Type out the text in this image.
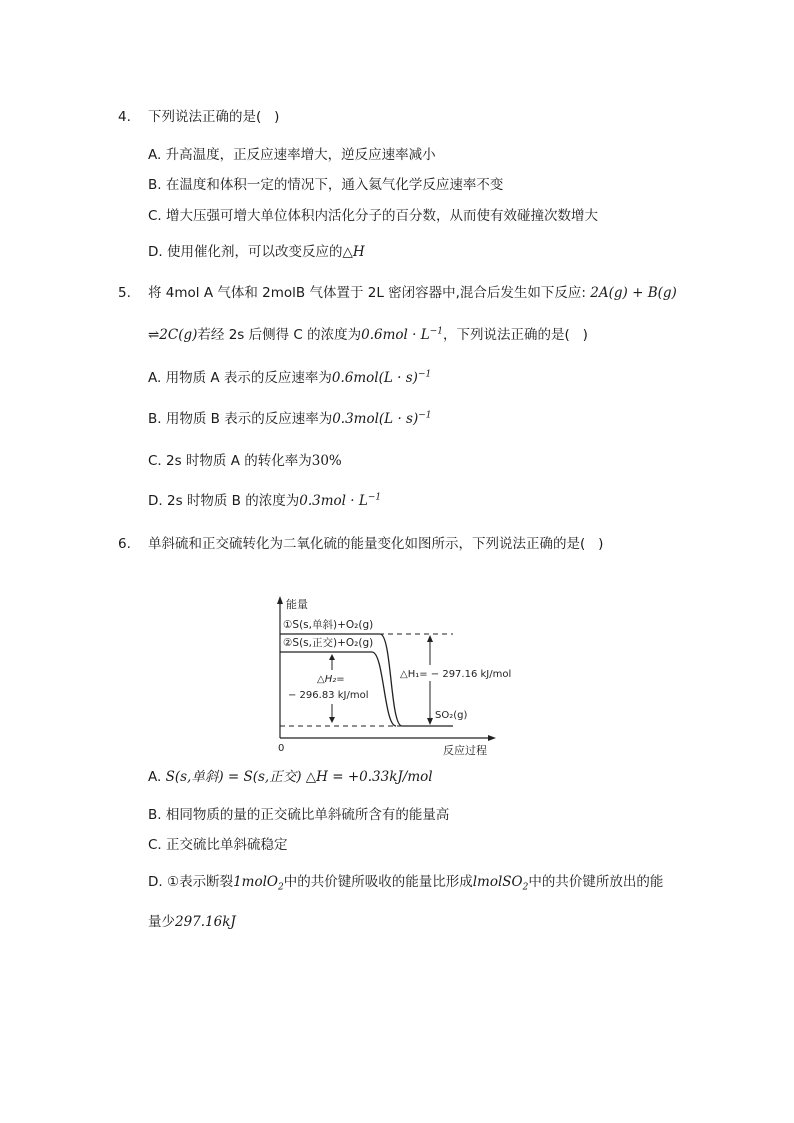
4. 下列说法正确的是(   )
A. 升高温度，正反应速率增大，逆反应速率减小
B. 在温度和体积一定的情况下，通入氦气化学反应速率不变
C. 增大压强可增大单位体积内活化分子的百分数，从而使有效碰撞次数增大
D. 使用催化剂，可以改变反应的△H
5. 将 4mol A 气体和 2molB 气体置于 2L 密闭容器中,混合后发生如下反应: 2A(g) + B(g)
⇌2C(g)若经 2s 后侧得 C 的浓度为$0.6mol \cdot L^{-1}$，下列说法正确的是(   )
A. 用物质 A 表示的反应速率为$0.6mol(L \cdot s)^{-1}$
B. 用物质 B 表示的反应速率为$0.3mol(L \cdot s)^{-1}$
C. 2s 时物质 A 的转化率为30%
D. 2s 时物质 B 的浓度为$0.3mol \cdot L^{-1}$
6. 单斜硫和正交硫转化为二氧化硫的能量变化如图所示，下列说法正确的是(   )
能量
0	反应过程
①S(s,单斜)+O₂(g)
②S(s,正交)+O₂(g)
△H₂=
− 296.83 kJ/mol
△H₁= − 297.16 kJ/mol
SO₂(g)
A. S(s,单斜) = S(s,正交) △H = +0.33kJ/mol
B. 相同物质的量的正交硫比单斜硫所含有的能量高
C. 正交硫比单斜硫稳定
D. ①表示断裂1molO$_2$中的共价键所吸收的能量比形成lmolSO$_2$中的共价键所放出的能
量少297.16kJ
